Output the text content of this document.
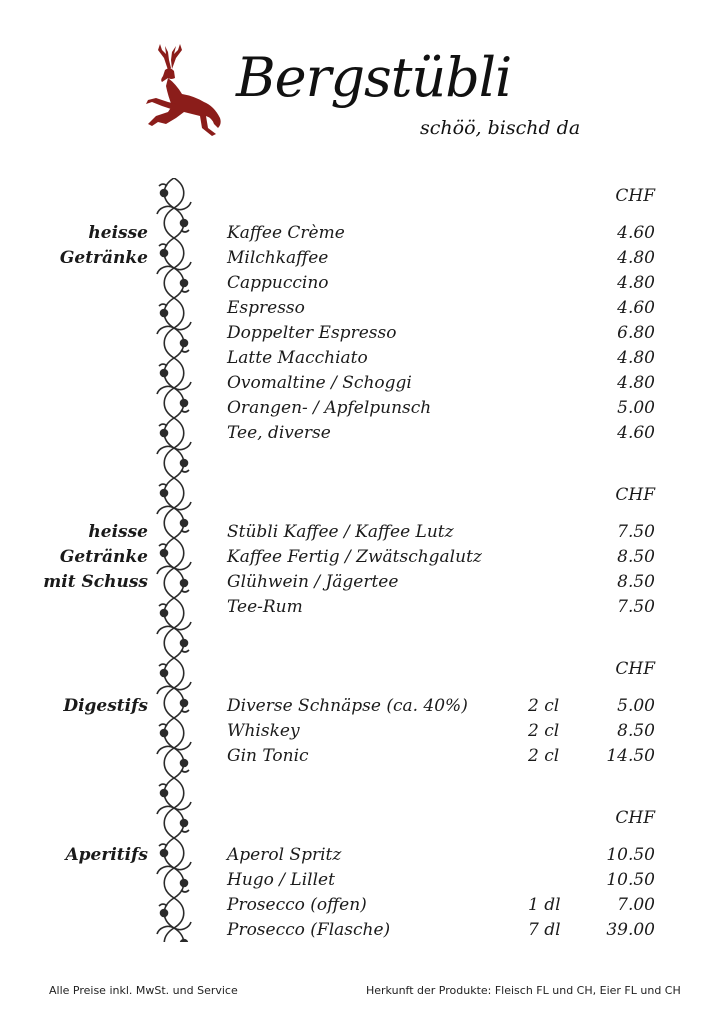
Bergstübli
schöö, bischd da
CHF
heisse
Getränke
Kaffee Crème	4.60
Milchkaffee	4.80
Cappuccino	4.80
Espresso	4.60
Doppelter Espresso	6.80
Latte Macchiato	4.80
Ovomaltine / Schoggi	4.80
Orangen- / Apfelpunsch	5.00
Tee, diverse	4.60
CHF
heisse
Getränke
mit Schuss
Stübli Kaffee / Kaffee Lutz	7.50
Kaffee Fertig / Zwätschgalutz	8.50
Glühwein / Jägertee	8.50
Tee-Rum	7.50
CHF
Digestifs	Diverse Schnäpse (ca. 40%)	2 cl	5.00
Whiskey	2 cl	8.50
Gin Tonic	2 cl	14.50
CHF
Aperitifs	Aperol Spritz	10.50
Hugo / Lillet	10.50
Prosecco (offen)	1 dl	7.00
Prosecco (Flasche)	7 dl	39.00
Alle Preise inkl. MwSt. und Service	Herkunft der Produkte: Fleisch FL und CH, Eier FL und CH
